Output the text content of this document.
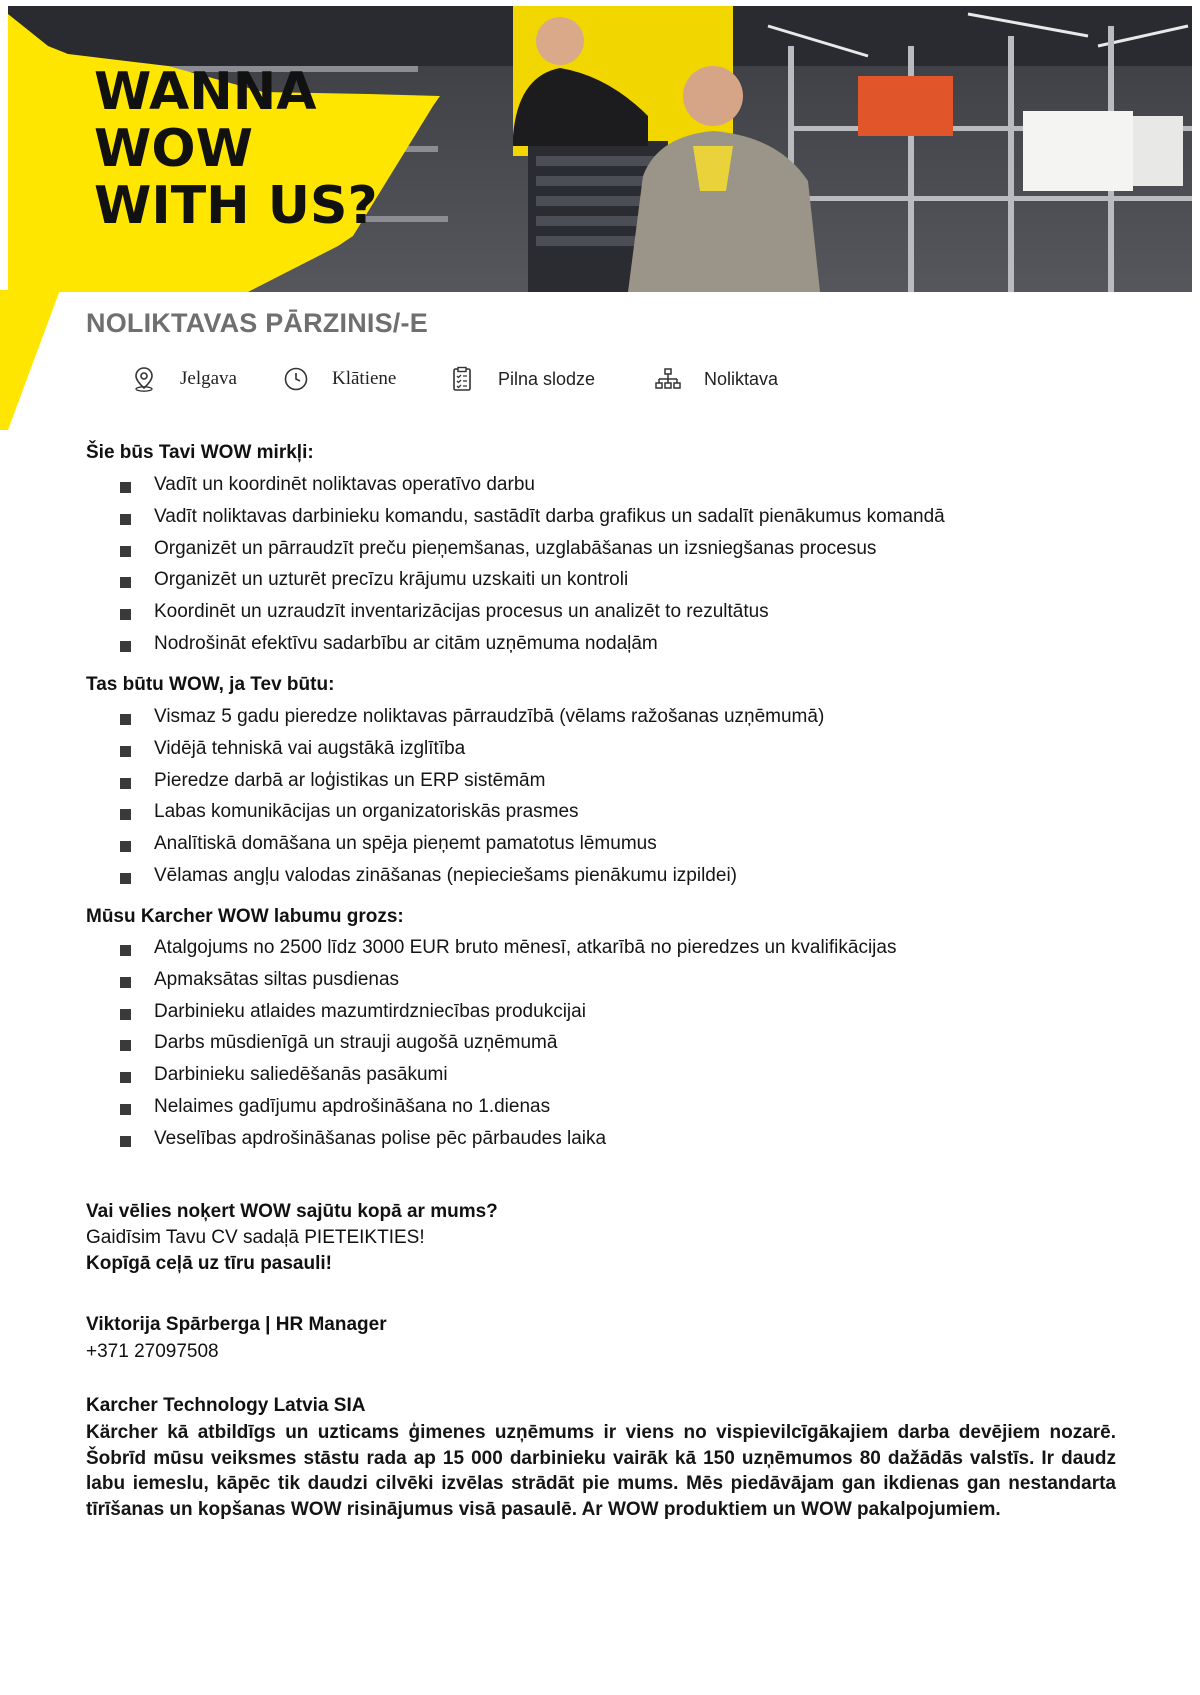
WANNA
WOW
WITH US?
NOLIKTAVAS PĀRZINIS/-E
Jelgava	Klātiene	Pilna slodze	Noliktava
Šie būs Tavi WOW mirkļi:
Vadīt un koordinēt noliktavas operatīvo darbu
Vadīt noliktavas darbinieku komandu, sastādīt darba grafikus un sadalīt pienākumus komandā
Organizēt un pārraudzīt preču pieņemšanas, uzglabāšanas un izsniegšanas procesus
Organizēt un uzturēt precīzu krājumu uzskaiti un kontroli
Koordinēt un uzraudzīt inventarizācijas procesus un analizēt to rezultātus
Nodrošināt efektīvu sadarbību ar citām uzņēmuma nodaļām
Tas būtu WOW, ja Tev būtu:
Vismaz 5 gadu pieredze noliktavas pārraudzībā (vēlams ražošanas uzņēmumā)
Vidējā tehniskā vai augstākā izglītība
Pieredze darbā ar loģistikas un ERP sistēmām
Labas komunikācijas un organizatoriskās prasmes
Analītiskā domāšana un spēja pieņemt pamatotus lēmumus
Vēlamas angļu valodas zināšanas (nepieciešams pienākumu izpildei)
Mūsu Karcher WOW labumu grozs:
Atalgojums no 2500 līdz 3000 EUR bruto mēnesī, atkarībā no pieredzes un kvalifikācijas
Apmaksātas siltas pusdienas
Darbinieku atlaides mazumtirdzniecības produkcijai
Darbs mūsdienīgā un strauji augošā uzņēmumā
Darbinieku saliedēšanās pasākumi
Nelaimes gadījumu apdrošināšana no 1.dienas
Veselības apdrošināšanas polise pēc pārbaudes laika

Vai vēlies noķert WOW sajūtu kopā ar mums?

Gaidīsim Tavu CV sadaļā PIETEIKTIES!

Kopīgā ceļā uz tīru pasauli!

Viktorija Spārberga | HR Manager

+371 27097508

Karcher Technology Latvia SIA

Kärcher kā atbildīgs un uzticams ģimenes uzņēmums ir viens no vispievilcīgākajiem darba devējiem nozarē. Šobrīd mūsu veiksmes stāstu rada ap 15 000 darbinieku vairāk kā 150 uzņēmumos 80 dažādās valstīs. Ir daudz labu iemeslu, kāpēc tik daudzi cilvēki izvēlas strādāt pie mums. Mēs piedāvājam gan ikdienas gan nestandarta tīrīšanas un kopšanas WOW risinājumus visā pasaulē. Ar WOW produktiem un WOW pakalpojumiem.
